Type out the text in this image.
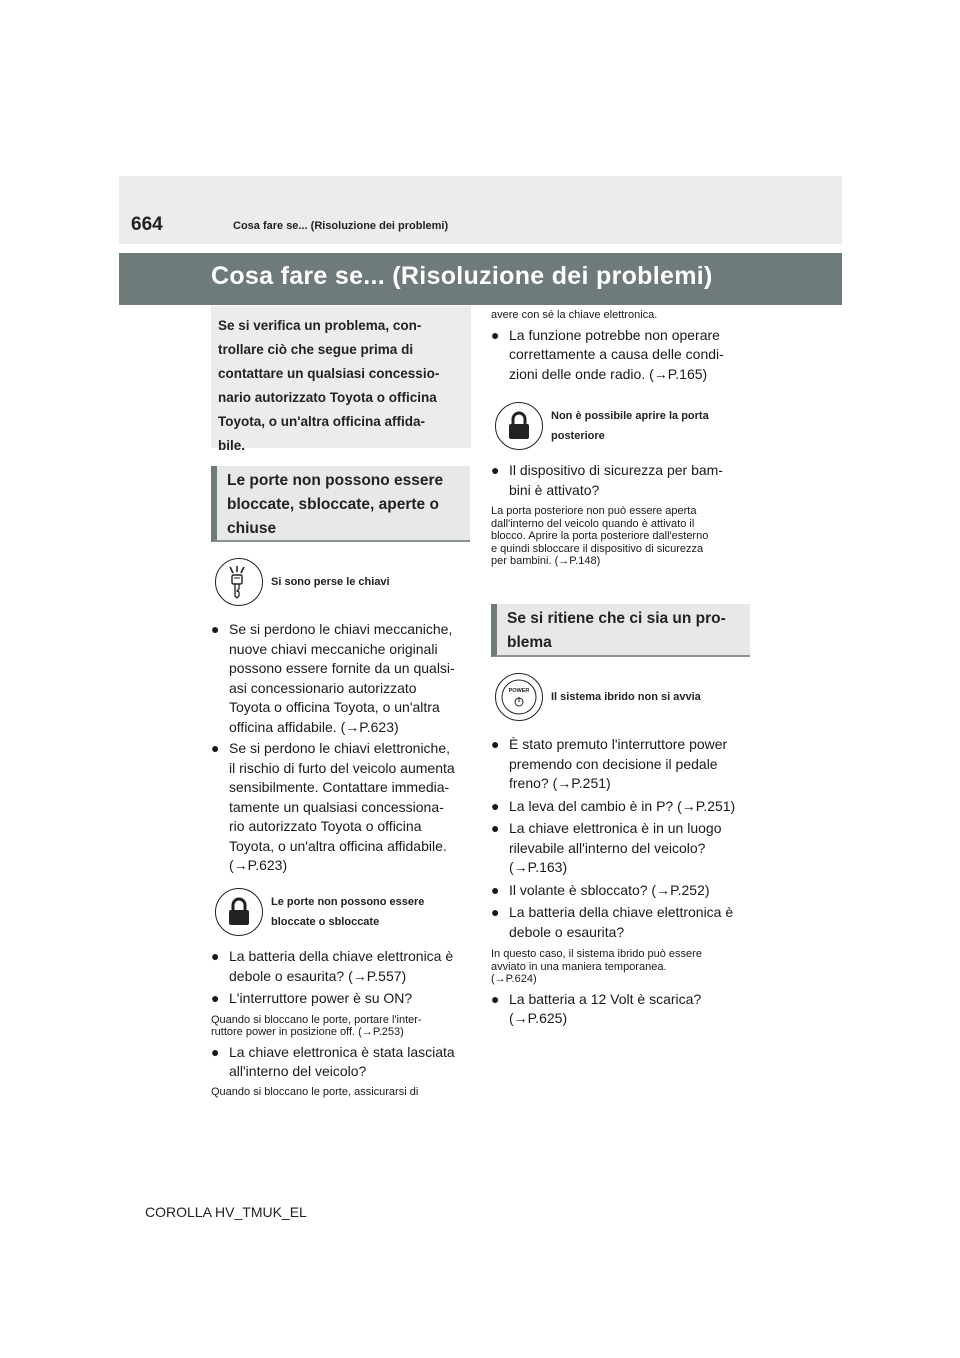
664	Cosa fare se... (Risoluzione dei problemi)
Cosa fare se... (Risoluzione dei problemi)
Se si verifica un problema, con-
trollare ciò che segue prima di
contattare un qualsiasi concessio-
nario autorizzato Toyota o officina
Toyota, o un'altra officina affida-
bile.
Le porte non possono essere
bloccate, sbloccate, aperte o
chiuse
Si sono perse le chiavi
● Se si perdono le chiavi meccaniche,
nuove chiavi meccaniche originali
possono essere fornite da un qualsi-
asi concessionario autorizzato
Toyota o officina Toyota, o un'altra
officina affidabile. (→P.623)
● Se si perdono le chiavi elettroniche,
il rischio di furto del veicolo aumenta
sensibilmente. Contattare immedia-
tamente un qualsiasi concessiona-
rio autorizzato Toyota o officina
Toyota, o un'altra officina affidabile.
(→P.623)
Le porte non possono essere
bloccate o sbloccate
● La batteria della chiave elettronica è
debole o esaurita? (→P.557)
● L'interruttore power è su ON?
Quando si bloccano le porte, portare l'inter-
ruttore power in posizione off. (→P.253)
● La chiave elettronica è stata lasciata
all'interno del veicolo?
Quando si bloccano le porte, assicurarsi di
avere con sé la chiave elettronica.
● La funzione potrebbe non operare
correttamente a causa delle condi-
zioni delle onde radio. (→P.165)
Non è possibile aprire la porta
posteriore
● Il dispositivo di sicurezza per bam-
bini è attivato?
La porta posteriore non può essere aperta
dall'interno del veicolo quando è attivato il
blocco. Aprire la porta posteriore dall'esterno
e quindi sbloccare il dispositivo di sicurezza
per bambini. (→P.148)
Se si ritiene che ci sia un pro-
blema
POWER Il sistema ibrido non si avvia
● È stato premuto l'interruttore power
premendo con decisione il pedale
freno? (→P.251)
● La leva del cambio è in P? (→P.251)
● La chiave elettronica è in un luogo
rilevabile all'interno del veicolo?
(→P.163)
● Il volante è sbloccato? (→P.252)
● La batteria della chiave elettronica è
debole o esaurita?
In questo caso, il sistema ibrido può essere
avviato in una maniera temporanea.
(→P.624)
● La batteria a 12 Volt è scarica?
(→P.625)
COROLLA HV_TMUK_EL
